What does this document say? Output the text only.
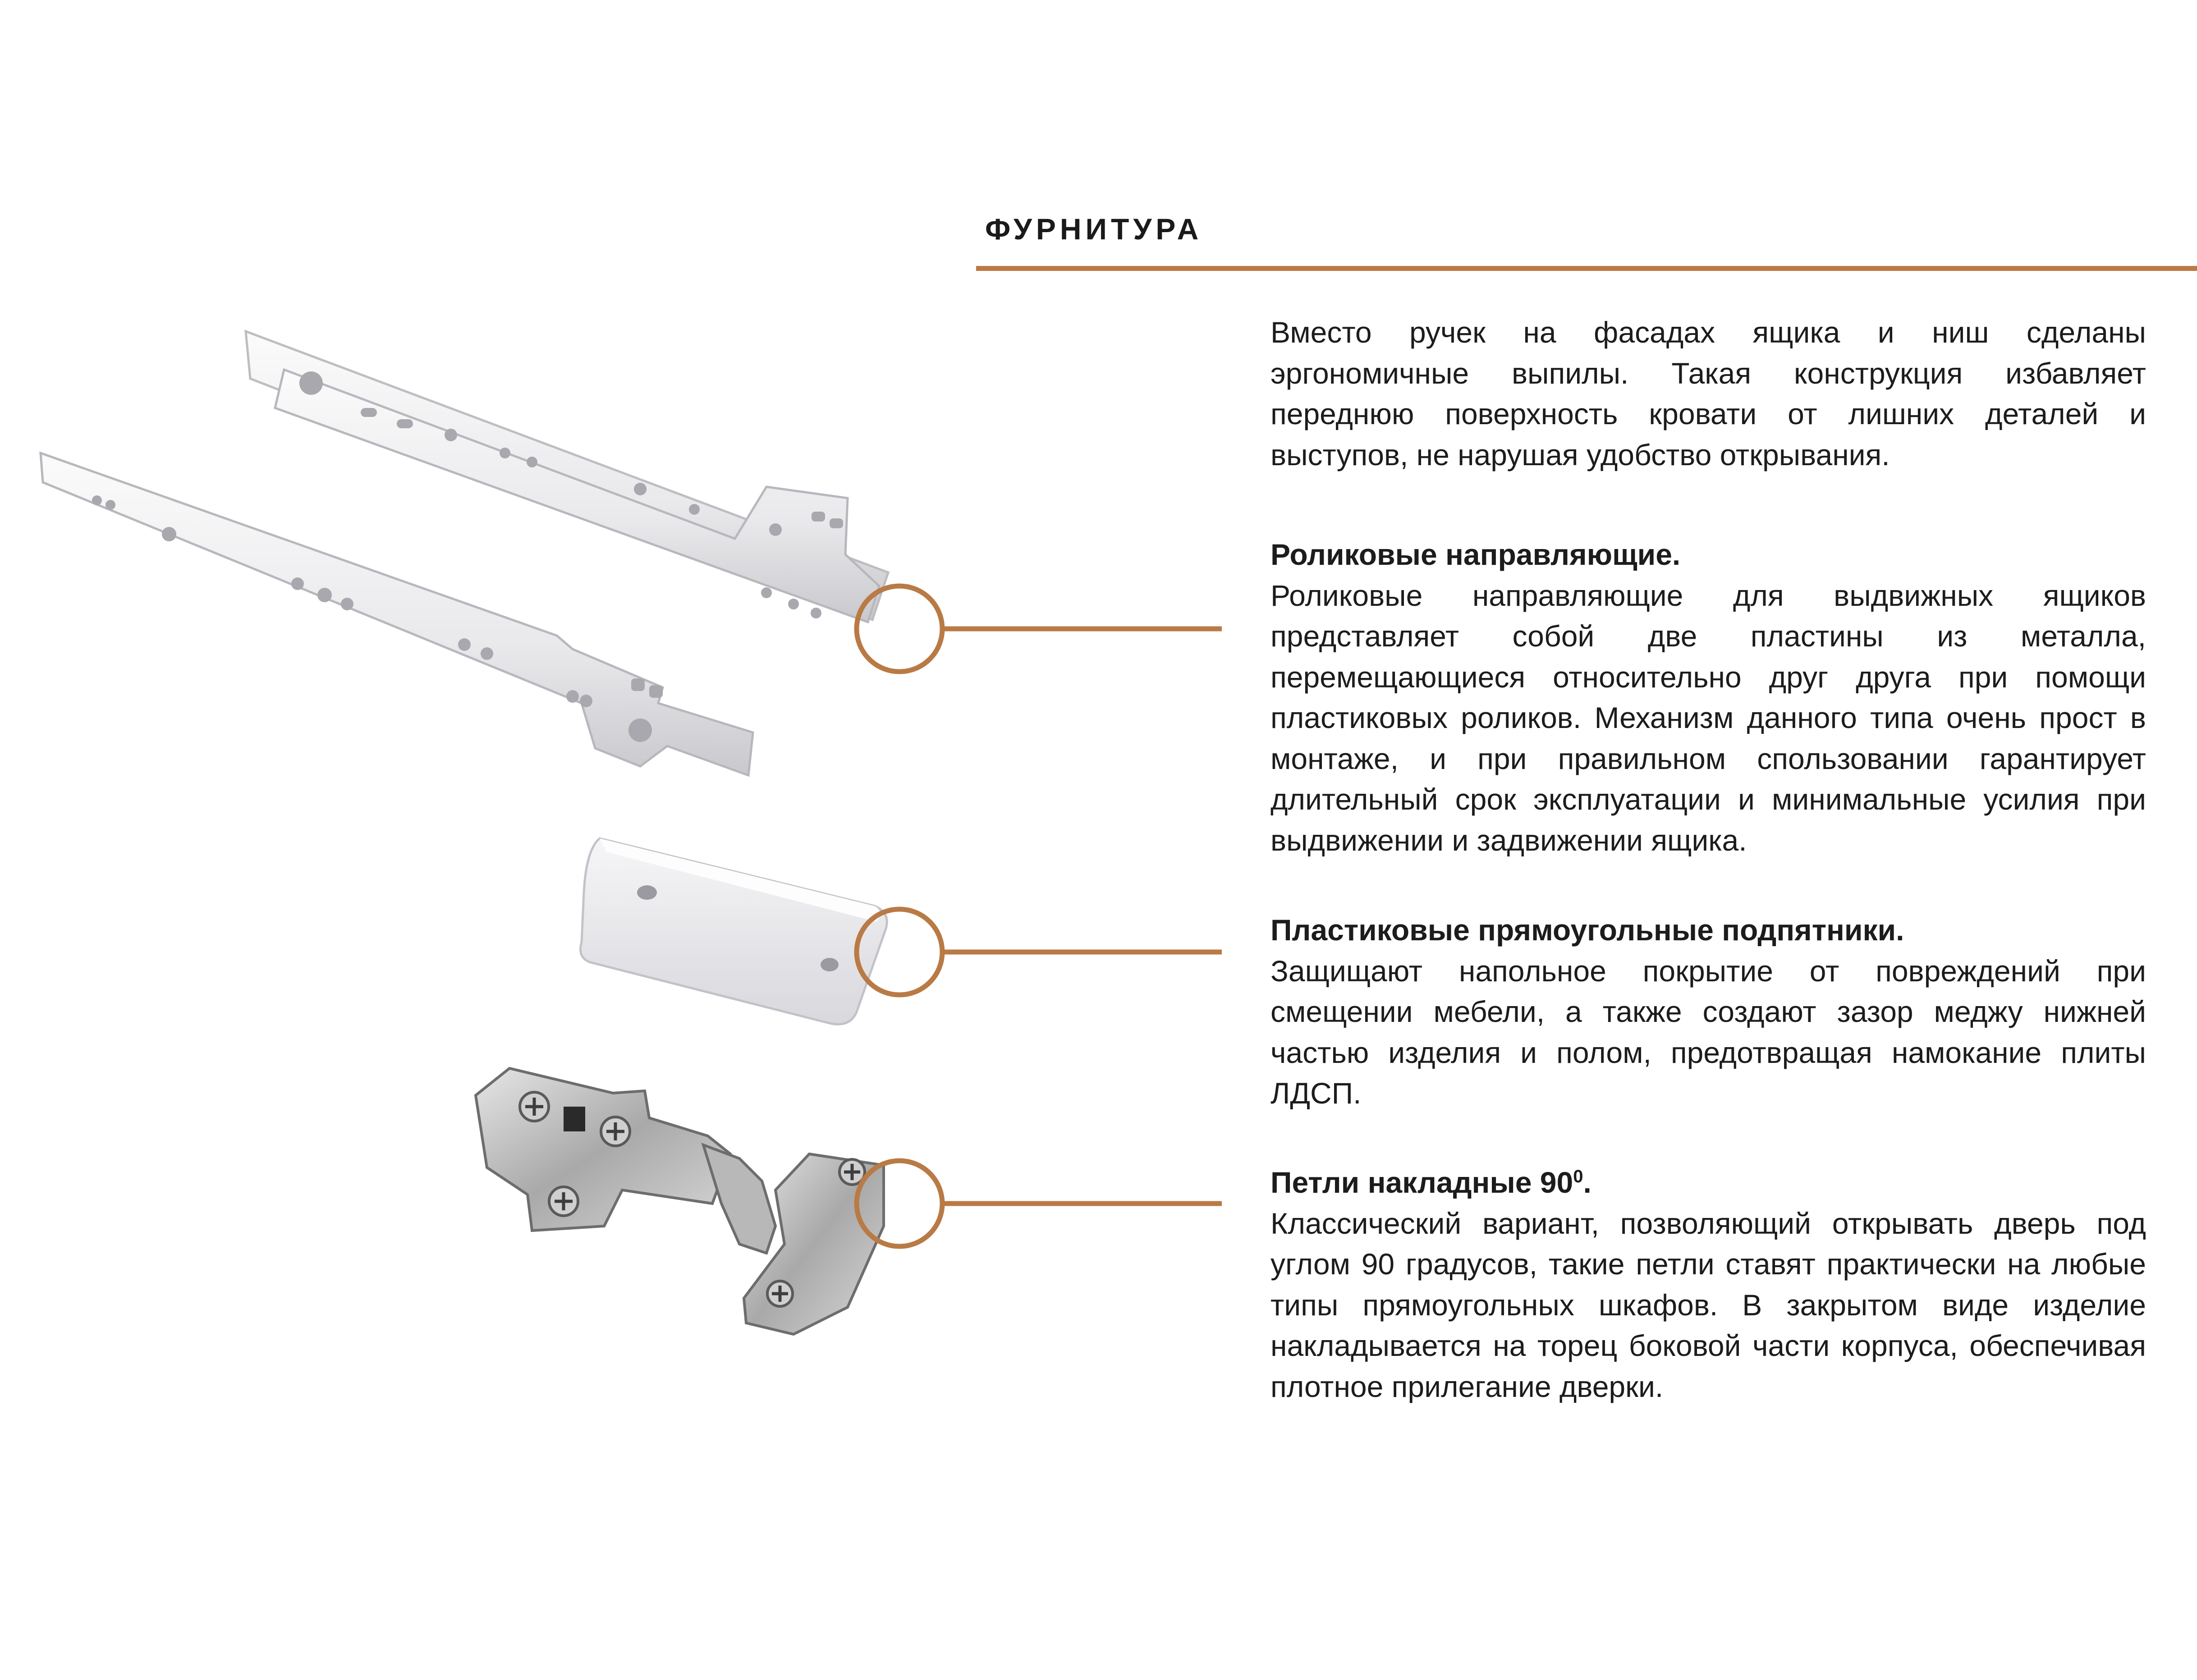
ФУРНИТУРА

Вместо ручек на фасадах ящика и ниш сделаны эргономичные выпилы. Такая конструкция избавляет переднюю поверхность кровати от лишних деталей и выступов, не нарушая удобство открывания.

Роликовые направляющие.

Роликовые направляющие для выдвижных ящиков представляет собой две пластины из металла, перемещающиеся относительно друг друга при помощи пластиковых роликов. Механизм данного типа очень прост в монтаже, и при правильном спользовании гарантирует длительный срок эксплуатации и минимальные усилия при выдвижении и задвижении ящика.

Пластиковые прямоугольные подпятники.

Защищают напольное покрытие от повреждений при смещении мебели, а также создают зазор меджу нижней частью изделия и полом, предотвращая намокание плиты ЛДСП.

Петли накладные $90^0$.

Классический вариант, позволяющий открывать дверь под углом 90 градусов, такие петли ставят практически на любые типы прямоугольных шкафов. В закрытом виде изделие накладывается на торец боковой части корпуса, обеспечивая плотное прилегание дверки.
